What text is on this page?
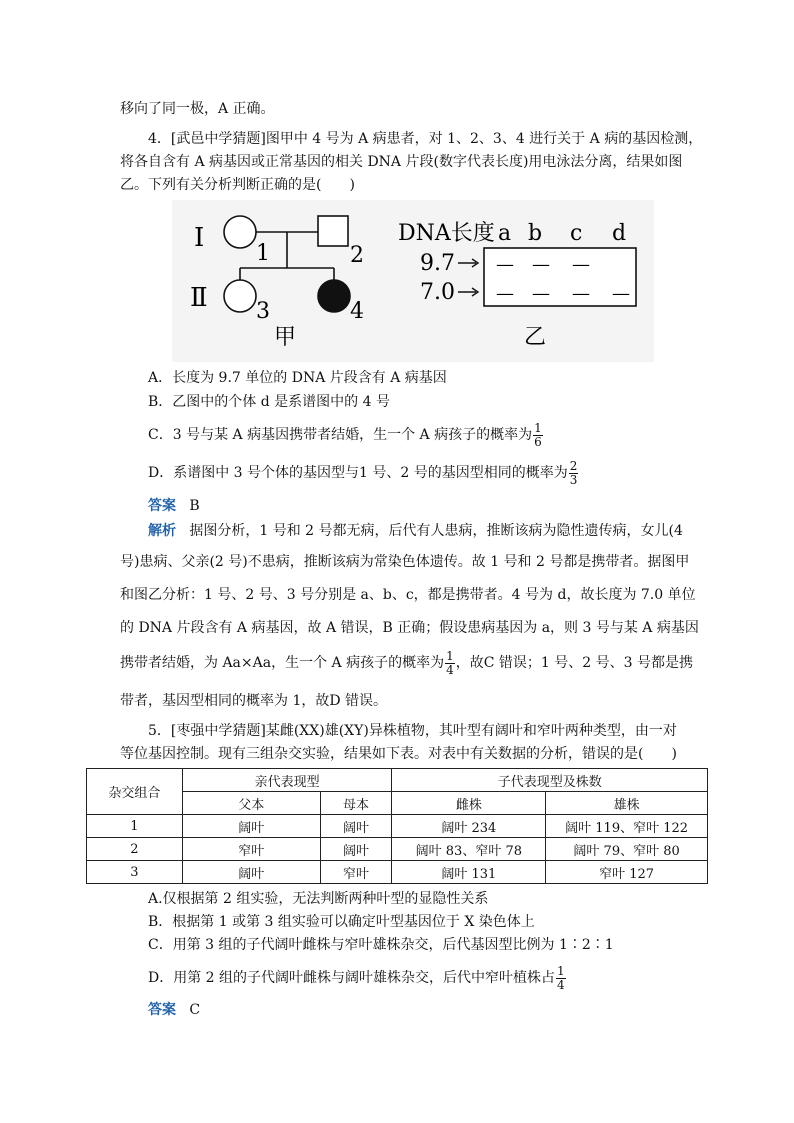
移向了同一极，A 正确。
4．[武邑中学猜题]图甲中 4 号为 A 病患者，对 1、2、3、4 进行关于 A 病的基因检测，
将各自含有 A 病基因或正常基因的相关 DNA 片段(数字代表长度)用电泳法分离，结果如图
乙。下列有关分析判断正确的是(　　)
Ⅰ
Ⅱ
1	2
3	4
甲
DNA长度 a b c d
9.7
7.0
— — —
— — — —
乙
A．长度为 9.7 单位的 DNA 片段含有 A 病基因
B．乙图中的个体 d 是系谱图中的 4 号
C．3 号与某 A 病基因携带者结婚，生一个 A 病孩子的概率为 $\frac{1}{6}$
D．系谱图中 3 号个体的基因型与1 号、2 号的基因型相同的概率为 $\frac{2}{3}$
答案 B
解析 据图分析，1 号和 2 号都无病，后代有人患病，推断该病为隐性遗传病，女儿(4
号)患病、父亲(2 号)不患病，推断该病为常染色体遗传。故 1 号和 2 号都是携带者。据图甲
和图乙分析：1 号、2 号、3 号分别是 a、b、c，都是携带者。4 号为 d，故长度为 7.0 单位
的 DNA 片段含有 A 病基因，故 A 错误，B 正确；假设患病基因为 a，则 3 号与某 A 病基因
携带者结婚，为 Aa×Aa，生一个 A 病孩子的概率为 $\frac{1}{4}$ ，故C 错误；1 号、2 号、3 号都是携
带者，基因型相同的概率为 1，故D 错误。
5．[枣强中学猜题]某雌(XX)雄(XY)异株植物，其叶型有阔叶和窄叶两种类型，由一对
等位基因控制。现有三组杂交实验，结果如下表。对表中有关数据的分析，错误的是(　　)
杂交组合	亲代表现型		子代表现型及株数	
	父本	母本	雌株	雄株
1	阔叶	阔叶	阔叶 234	阔叶 119、窄叶 122
2	窄叶	阔叶	阔叶 83、窄叶 78	阔叶 79、窄叶 80
3	阔叶	窄叶	阔叶 131	窄叶 127
A.仅根据第 2 组实验，无法判断两种叶型的显隐性关系
B．根据第 1 或第 3 组实验可以确定叶型基因位于 X 染色体上
C．用第 3 组的子代阔叶雌株与窄叶雄株杂交，后代基因型比例为 1∶2∶1
D．用第 2 组的子代阔叶雌株与阔叶雄株杂交，后代中窄叶植株占 $\frac{1}{4}$
答案 C
